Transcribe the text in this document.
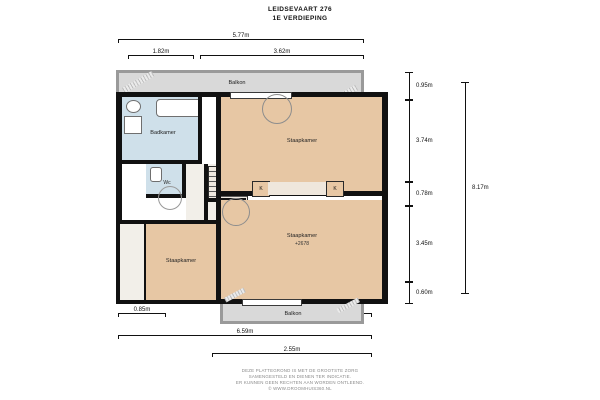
LEIDSEVAART 276
1E VERDIEPING
5.77m
1.82m	3.62m
0.95m
3.74m
0.78m
3.45m
0.60m
8.17m
0.85m
6.59m
2.55m
Balkon
Badkamer
Wc
Staapkamer
K	K
Staapkamer
+2678
Staapkamer
Balkon
DEZE PLATTEGROND IS MET DE GROOTSTE ZORG
SAMENGESTELD EN DIENEN TER INDICATIE.
ER KUNNEN GEEN RECHTEN AAN WORDEN ONTLEEND.
© WWW.DROOMHUIS360.NL
